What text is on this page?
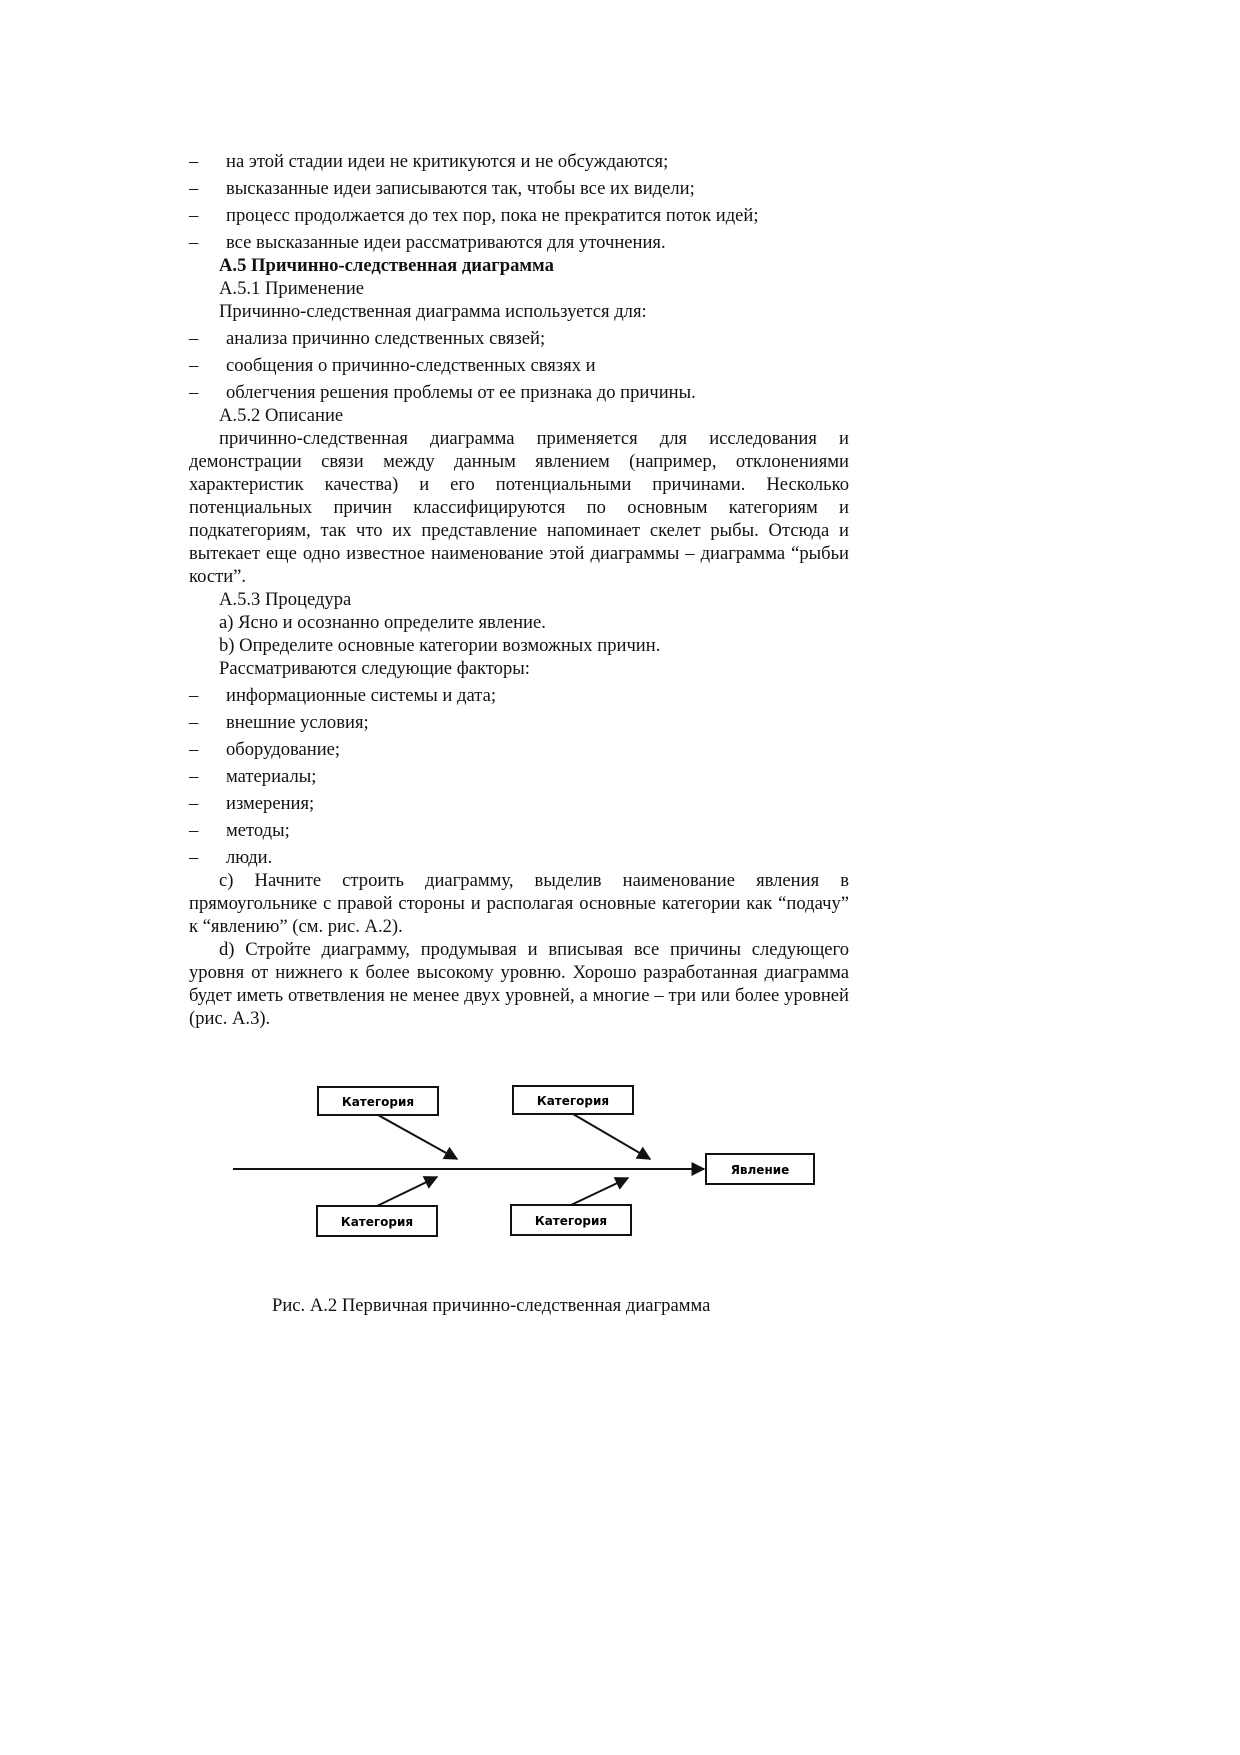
– на этой стадии идеи не критикуются и не обсуждаются;
– высказанные идеи записываются так, чтобы все их видели;
– процесс продолжается до тех пор, пока не прекратится поток идей;
– все высказанные идеи рассматриваются для уточнения.
А.5 Причинно-следственная диаграмма
А.5.1 Применение
Причинно-следственная диаграмма используется для:
– анализа причинно следственных связей;
– сообщения о причинно-следственных связях и
– облегчения решения проблемы от ее признака до причины.
А.5.2 Описание
причинно-следственная диаграмма применяется для исследования и демонстрации связи между данным явлением (например, отклонениями характеристик качества) и его потенциальными причинами. Несколько потенциальных причин классифицируются по основным категориям и подкатегориям, так что их представление напоминает скелет рыбы. Отсюда и вытекает еще одно известное наименование этой диаграммы – диаграмма “рыбьи кости”.
А.5.3 Процедура
a) Ясно и осознанно определите явление.
b) Определите основные категории возможных причин.
Рассматриваются следующие факторы:
– информационные системы и дата;
– внешние условия;
– оборудование;
– материалы;
– измерения;
– методы;
– люди.
c) Начните строить диаграмму, выделив наименование явления в прямоугольнике с правой стороны и располагая основные категории как “подачу” к “явлению” (см. рис. А.2).
d) Стройте диаграмму, продумывая и вписывая все причины следующего уровня от нижнего к более высокому уровню. Хорошо разработанная диаграмма будет иметь ответвления не менее двух уровней, а многие – три или более уровней (рис. А.3).
Категория	Категория
Категория	Категория
Явление
Рис. А.2 Первичная причинно-следственная диаграмма
